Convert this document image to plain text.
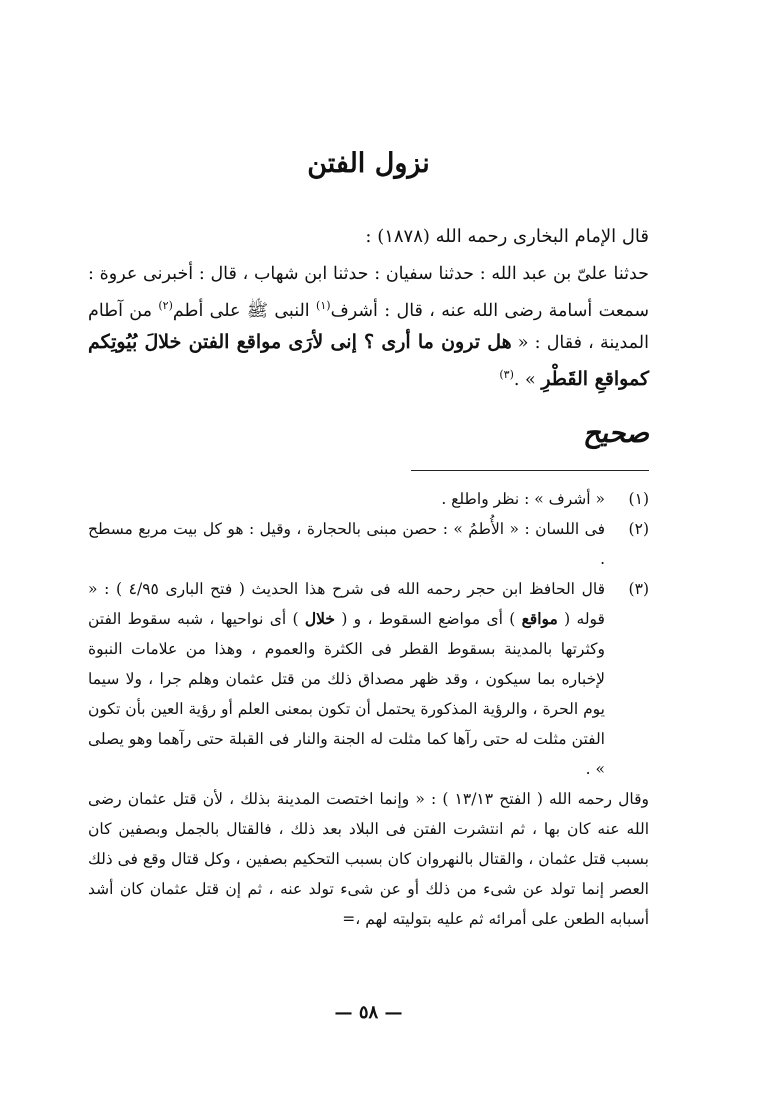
نزول الفتن
قال الإمام البخارى رحمه الله (١٨٧٨) :
حدثنا علىّ بن عبد الله : حدثنا سفيان : حدثنا ابن شهاب ، قال : أخبرنى عروة : سمعت أسامة رضى الله عنه ، قال : أشرف$^{(١)}$ النبى ﷺ على أطم$^{(٢)}$ من آطام المدينة ، فقال : « هل ترون ما أرى ؟ إنى لأرَى مواقع الفتن خلالَ بُيُوتِكم كمواقعِ القَطْرِ » .$^{(٣)}$
صحيح
(١)
« أشرف » : نظر واطلع .
(٢)
فى اللسان : « الأُطمُ » : حصن مبنى بالحجارة ، وقيل : هو كل بيت مربع مسطح .
(٣)
قال الحافظ ابن حجر رحمه الله فى شرح هذا الحديث ( فتح البارى ٤/٩٥ ) : « قوله ( مواقع ) أى مواضع السقوط ، و ( خلال ) أى نواحيها ، شبه سقوط الفتن وكثرتها بالمدينة بسقوط القطر فى الكثرة والعموم ، وهذا من علامات النبوة لإخباره بما سيكون ، وقد ظهر مصداق ذلك من قتل عثمان وهلم جرا ، ولا سيما يوم الحرة ، والرؤية المذكورة يحتمل أن تكون بمعنى العلم أو رؤية العين بأن تكون الفتن مثلت له حتى رآها كما مثلت له الجنة والنار فى القبلة حتى رآهما وهو يصلى » .
وقال رحمه الله ( الفتح ١٣/١٣ ) : « وإنما اختصت المدينة بذلك ، لأن قتل عثمان رضى الله عنه كان بها ، ثم انتشرت الفتن فى البلاد بعد ذلك ، فالقتال بالجمل وبصفين كان بسبب قتل عثمان ، والقتال بالنهروان كان بسبب التحكيم بصفين ، وكل قتال وقع فى ذلك العصر إنما تولد عن شىء من ذلك أو عن شىء تولد عنه ، ثم إن قتل عثمان كان أشد أسبابه الطعن على أمرائه ثم عليه بتوليته لهم ،=
— ٥٨ —
